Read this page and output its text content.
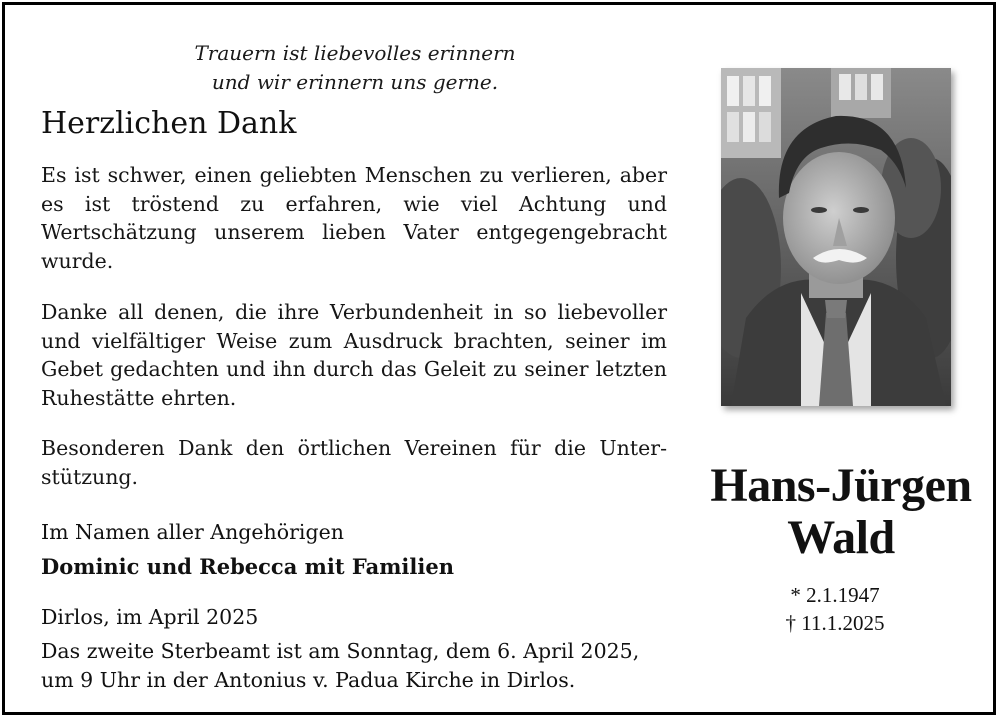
Trauern ist liebevolles erinnern
und wir erinnern uns gerne.
Herzlichen Dank
Es ist schwer, einen geliebten Menschen zu verlieren, aber es ist tröstend zu erfahren, wie viel Achtung und Wertschätzung unserem lieben Vater entgegengebracht wurde.
Danke all denen, die ihre Verbundenheit in so liebevoller und vielfältiger Weise zum Ausdruck brachten, seiner im Gebet gedachten und ihn durch das Geleit zu seiner letzten Ruhestätte ehrten.
Besonderen Dank den örtlichen Vereinen für die Unterstützung.
Im Namen aller Angehörigen
Dominic und Rebecca mit Familien
Dirlos, im April 2025
Das zweite Sterbeamt ist am Sonntag, dem 6. April 2025,
um 9 Uhr in der Antonius v. Padua Kirche in Dirlos.
Hans-Jürgen
Wald
* 2.1.1947
† 11.1.2025
